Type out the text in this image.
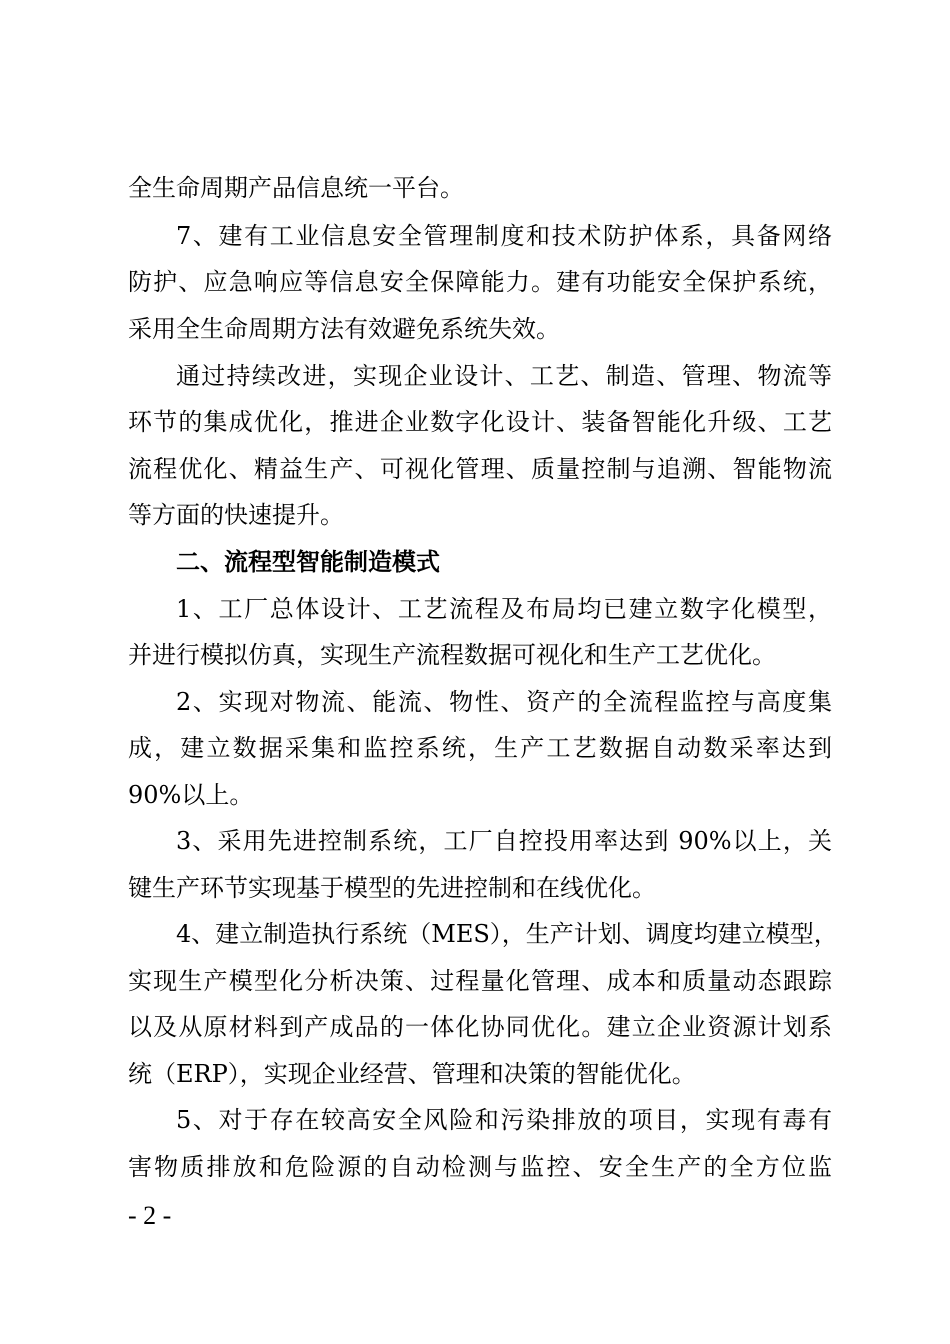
全生命周期产品信息统一平台。
7、建有工业信息安全管理制度和技术防护体系，具备网络
防护、应急响应等信息安全保障能力。建有功能安全保护系统，
采用全生命周期方法有效避免系统失效。
通过持续改进，实现企业设计、工艺、制造、管理、物流等
环节的集成优化，推进企业数字化设计、装备智能化升级、工艺
流程优化、精益生产、可视化管理、质量控制与追溯、智能物流
等方面的快速提升。
二、流程型智能制造模式
1、工厂总体设计、工艺流程及布局均已建立数字化模型，
并进行模拟仿真，实现生产流程数据可视化和生产工艺优化。
2、实现对物流、能流、物性、资产的全流程监控与高度集
成，建立数据采集和监控系统，生产工艺数据自动数采率达到
90%以上。
3、采用先进控制系统，工厂自控投用率达到 90%以上，关
键生产环节实现基于模型的先进控制和在线优化。
4、建立制造执行系统（MES），生产计划、调度均建立模型，
实现生产模型化分析决策、过程量化管理、成本和质量动态跟踪
以及从原材料到产成品的一体化协同优化。建立企业资源计划系
统（ERP），实现企业经营、管理和决策的智能优化。
5、对于存在较高安全风险和污染排放的项目，实现有毒有
害物质排放和危险源的自动检测与监控、安全生产的全方位监
- 2 -
